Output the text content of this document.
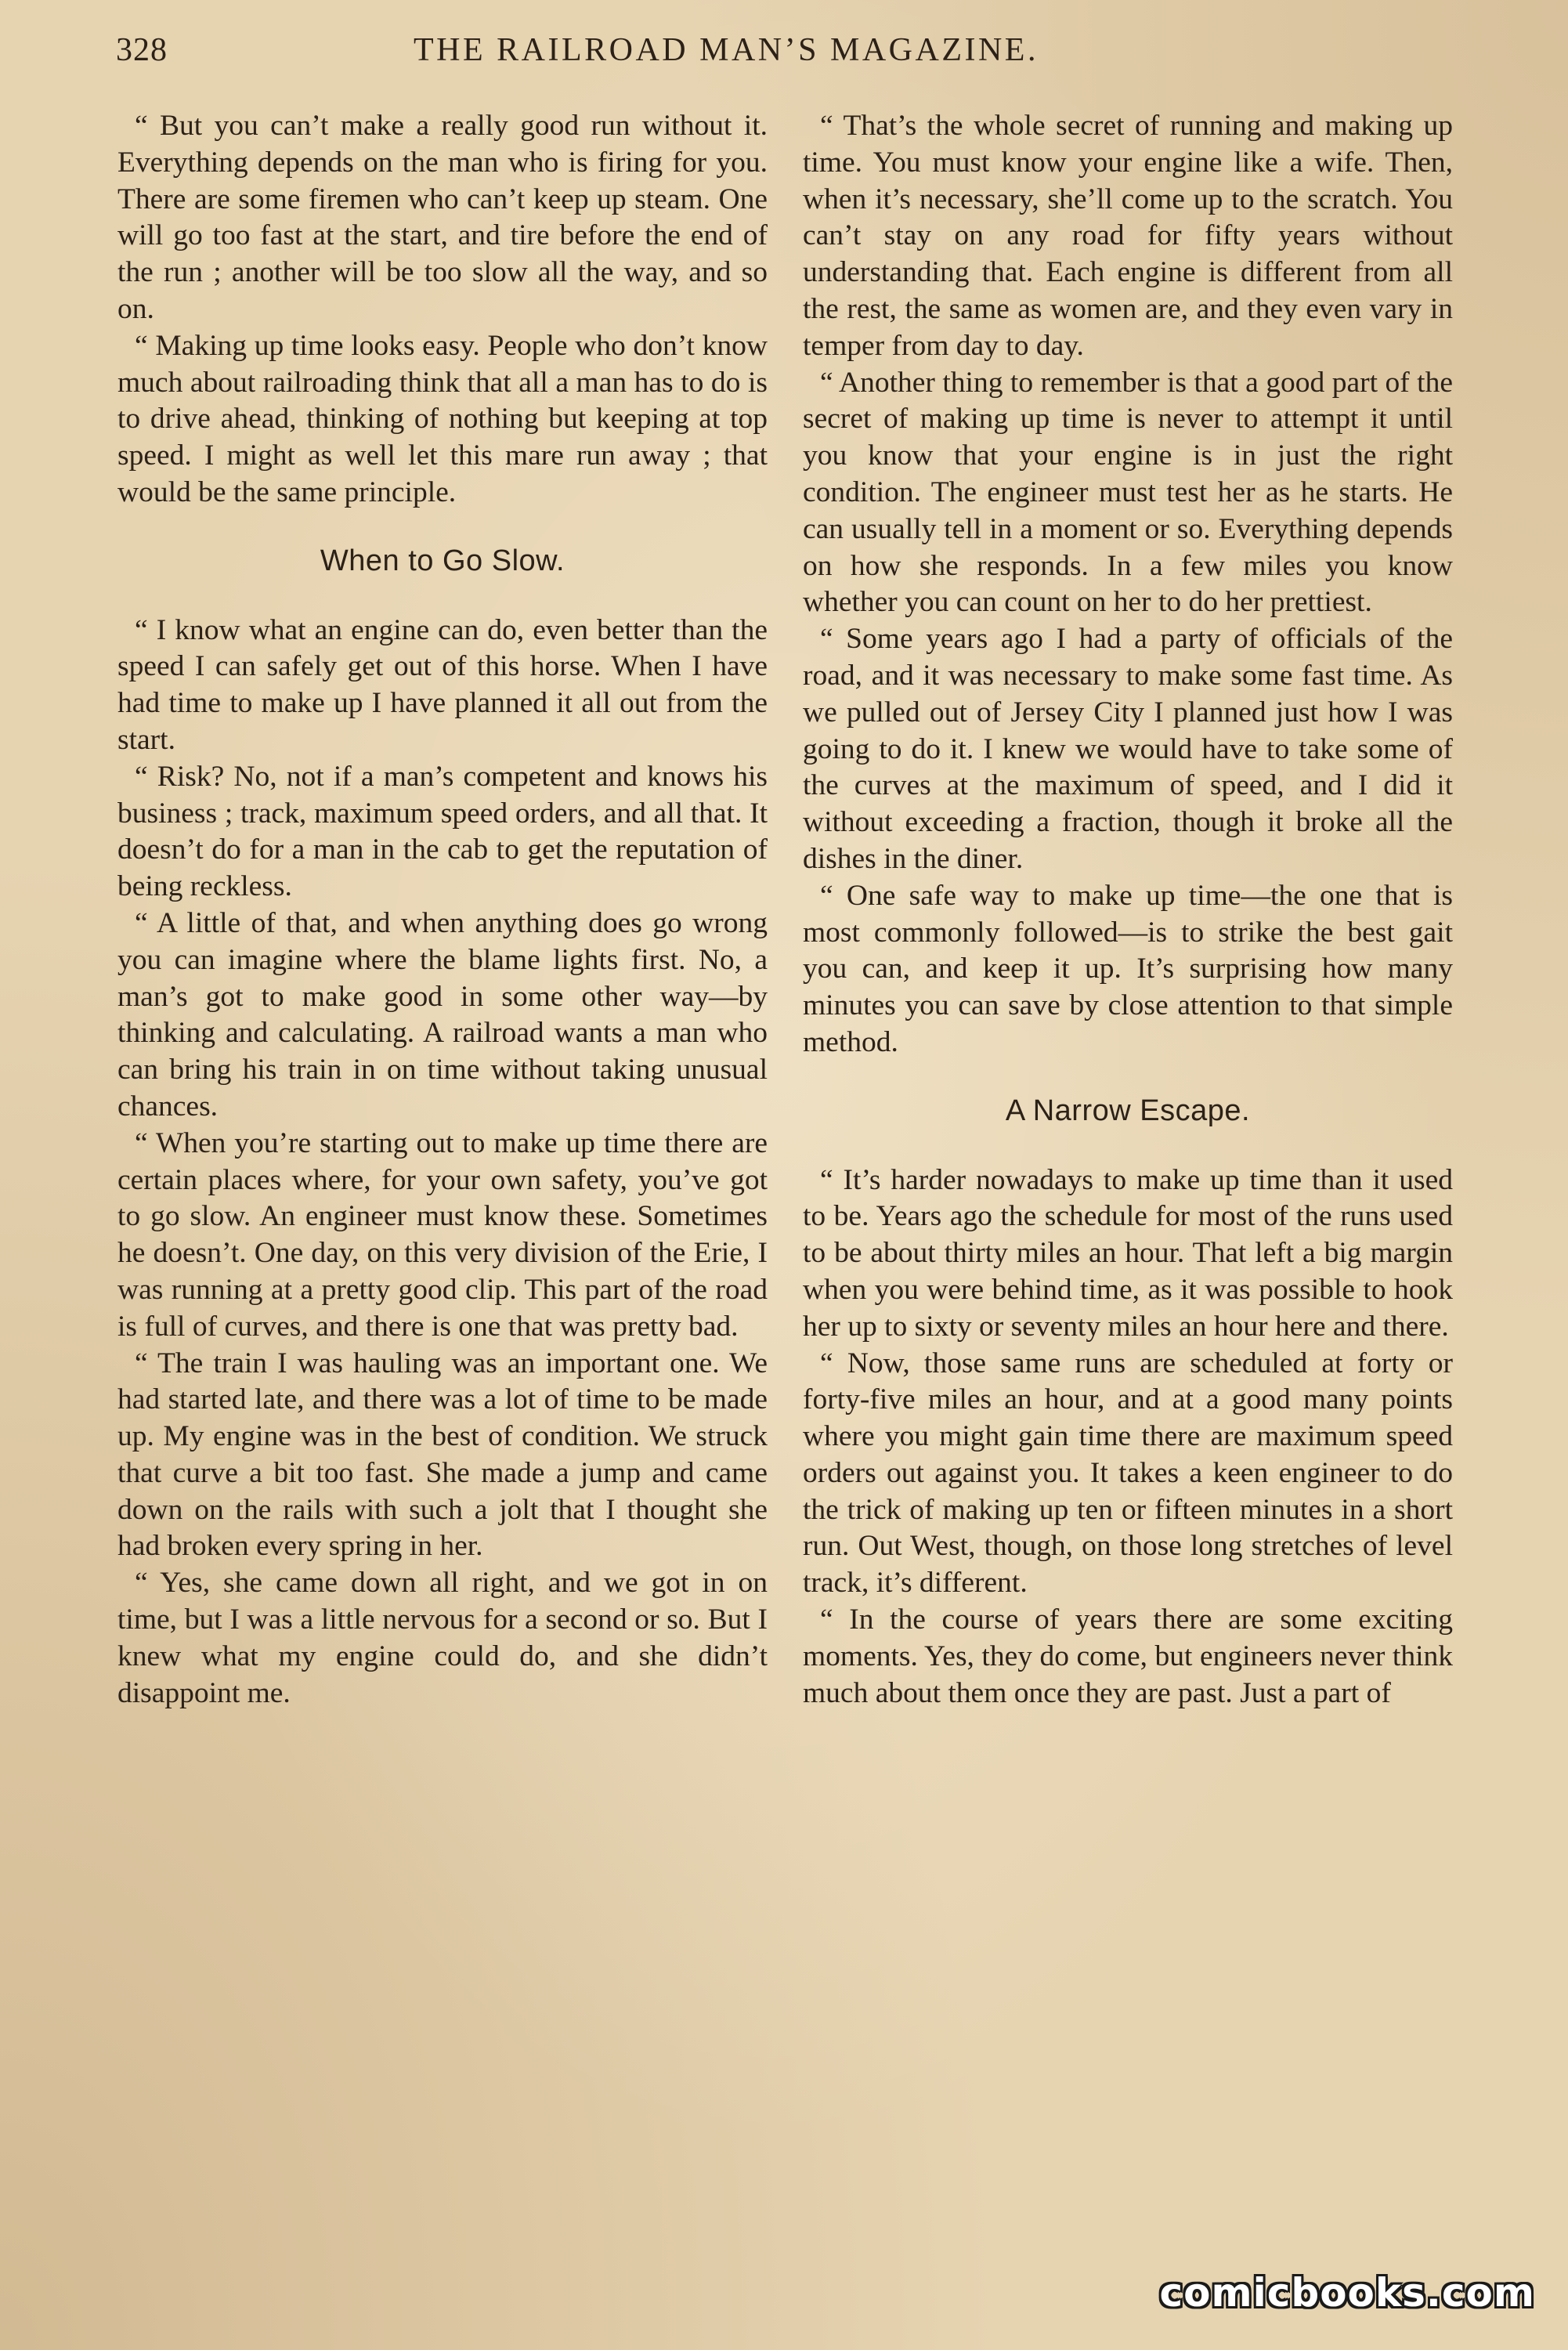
328	THE RAILROAD MAN’S MAGAZINE.

“ But you can’t make a really good run without it. Everything depends on the man who is firing for you. There are some firemen who can’t keep up steam. One will go too fast at the start, and tire before the end of the run ; another will be too slow all the way, and so on.

“ Making up time looks easy. People who don’t know much about railroading think that all a man has to do is to drive ahead, thinking of nothing but keeping at top speed. I might as well let this mare run away ; that would be the same principle.

When to Go Slow.

“ I know what an engine can do, even better than the speed I can safely get out of this horse. When I have had time to make up I have planned it all out from the start.

“ Risk? No, not if a man’s competent and knows his business ; track, maximum speed orders, and all that. It doesn’t do for a man in the cab to get the reputation of being reckless.

“ A little of that, and when anything does go wrong you can imagine where the blame lights first. No, a man’s got to make good in some other way—by thinking and calculating. A railroad wants a man who can bring his train in on time without taking unusual chances.

“ When you’re starting out to make up time there are certain places where, for your own safety, you’ve got to go slow. An engineer must know these. Sometimes he doesn’t. One day, on this very division of the Erie, I was running at a pretty good clip. This part of the road is full of curves, and there is one that was pretty bad.

“ The train I was hauling was an important one. We had started late, and there was a lot of time to be made up. My engine was in the best of condition. We struck that curve a bit too fast. She made a jump and came down on the rails with such a jolt that I thought she had broken every spring in her.

“ Yes, she came down all right, and we got in on time, but I was a little nervous for a second or so. But I knew what my engine could do, and she didn’t disappoint me.

“ That’s the whole secret of running and making up time. You must know your engine like a wife. Then, when it’s necessary, she’ll come up to the scratch. You can’t stay on any road for fifty years without understanding that. Each engine is different from all the rest, the same as women are, and they even vary in temper from day to day.

“ Another thing to remember is that a good part of the secret of making up time is never to attempt it until you know that your engine is in just the right condition. The engineer must test her as he starts. He can usually tell in a moment or so. Everything depends on how she responds. In a few miles you know whether you can count on her to do her prettiest.

“ Some years ago I had a party of officials of the road, and it was necessary to make some fast time. As we pulled out of Jersey City I planned just how I was going to do it. I knew we would have to take some of the curves at the maximum of speed, and I did it without exceeding a fraction, though it broke all the dishes in the diner.

“ One safe way to make up time—the one that is most commonly followed—is to strike the best gait you can, and keep it up. It’s surprising how many minutes you can save by close attention to that simple method.

A Narrow Escape.

“ It’s harder nowadays to make up time than it used to be. Years ago the schedule for most of the runs used to be about thirty miles an hour. That left a big margin when you were behind time, as it was possible to hook her up to sixty or seventy miles an hour here and there.

“ Now, those same runs are scheduled at forty or forty-five miles an hour, and at a good many points where you might gain time there are maximum speed orders out against you. It takes a keen engineer to do the trick of making up ten or fifteen minutes in a short run. Out West, though, on those long stretches of level track, it’s different.

“ In the course of years there are some exciting moments. Yes, they do come, but engineers never think much about them once they are past. Just a part of

comicbooks.com
